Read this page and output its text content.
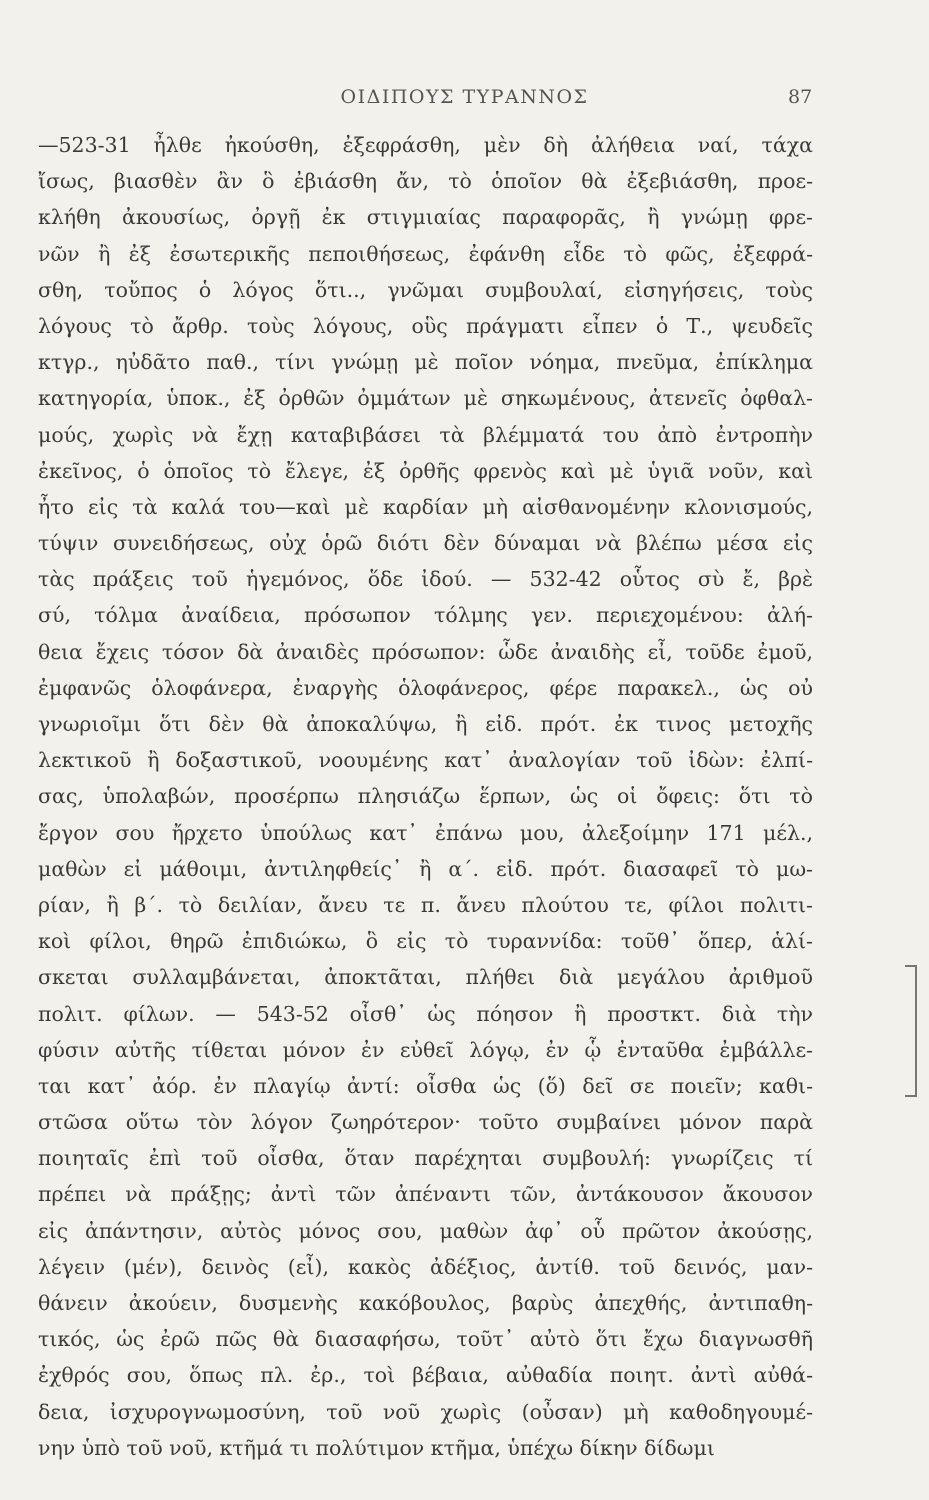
ΟΙΔΙΠΟΥΣ ΤΥΡΑΝΝΟΣ	87
—523-31 ἦλθε ἠκούσθη, ἐξεφράσθη, μὲν δὴ ἀλήθεια ναί, τάχα
ἴσως, βιασθὲν ἂν ὃ ἐβιάσθη ἄν, τὸ ὁποῖον θὰ ἐξεβιάσθη, προε-
κλήθη ἀκουσίως, ὀργῇ ἐκ στιγμιαίας παραφορᾶς, ἢ γνώμῃ φρε-
νῶν ἢ ἐξ ἐσωτερικῆς πεποιθήσεως, ἐφάνθη εἶδε τὸ φῶς, ἐξεφρά-
σθη, τοὔπος ὁ λόγος ὅτι.., γνῶμαι συμβουλαί, εἰσηγήσεις, τοὺς
λόγους τὸ ἄρθρ. τοὺς λόγους, οὓς πράγματι εἶπεν ὁ Τ., ψευδεῖς
κτγρ., ηὐδᾶτο παθ., τίνι γνώμῃ μὲ ποῖον νόημα, πνεῦμα, ἐπίκλημα
κατηγορία, ὑποκ., ἐξ ὀρθῶν ὀμμάτων μὲ σηκωμένους, ἀτενεῖς ὀφθαλ-
μούς, χωρὶς νὰ ἔχῃ καταβιβάσει τὰ βλέμματά του ἀπὸ ἐντροπὴν
ἐκεῖνος, ὁ ὁποῖος τὸ ἔλεγε, ἐξ ὀρθῆς φρενὸς καὶ μὲ ὑγιᾶ νοῦν, καὶ
ἦτο εἰς τὰ καλά του—καὶ μὲ καρδίαν μὴ αἰσθανομένην κλονισμούς,
τύψιν συνειδήσεως, οὐχ ὁρῶ διότι δὲν δύναμαι νὰ βλέπω μέσα εἰς
τὰς πράξεις τοῦ ἡγεμόνος, ὅδε ἰδού. — 532-42 οὗτος σὺ ἔ, βρὲ
σύ, τόλμα ἀναίδεια, πρόσωπον τόλμης γεν. περιεχομένου: ἀλή-
θεια ἔχεις τόσον δὰ ἀναιδὲς πρόσωπον: ὧδε ἀναιδὴς εἶ, τοῦδε ἐμοῦ,
ἐμφανῶς ὁλοφάνερα, ἐναργὴς ὁλοφάνερος, φέρε παρακελ., ὡς οὐ
γνωριοῖμι ὅτι δὲν θὰ ἀποκαλύψω, ἢ εἰδ. πρότ. ἐκ τινος μετοχῆς
λεκτικοῦ ἢ δοξαστικοῦ, νοουμένης κατ᾽ ἀναλογίαν τοῦ ἰδὼν: ἐλπί-
σας, ὑπολαβών, προσέρπω πλησιάζω ἕρπων, ὡς οἱ ὄφεις: ὅτι τὸ
ἔργον σου ἤρχετο ὑπούλως κατ᾽ ἐπάνω μου, ἀλεξοίμην 171 μέλ.,
μαθὼν εἰ μάθοιμι, ἀντιληφθείς᾽ ἢ α΄. εἰδ. πρότ. διασαφεῖ τὸ μω-
ρίαν, ἢ β΄. τὸ δειλίαν, ἄνευ τε π. ἄνευ πλούτου τε, φίλοι πολιτι-
κοὶ φίλοι, θηρῶ ἐπιδιώκω, ὃ εἰς τὸ τυραννίδα: τοῦθ᾽ ὅπερ, ἁλί-
σκεται συλλαμβάνεται, ἀποκτᾶται, πλήθει διὰ μεγάλου ἀριθμοῦ
πολιτ. φίλων. — 543-52 οἶσθ᾽ ὡς πόησον ἢ προστκτ. διὰ τὴν
φύσιν αὐτῆς τίθεται μόνον ἐν εὐθεῖ λόγῳ, ἐν ᾧ ἐνταῦθα ἐμβάλλε-
ται κατ᾽ ἀόρ. ἐν πλαγίῳ ἀντί: οἶσθα ὡς (ὅ) δεῖ σε ποιεῖν; καθι-
στῶσα οὕτω τὸν λόγον ζωηρότερον· τοῦτο συμβαίνει μόνον παρὰ
ποιηταῖς ἐπὶ τοῦ οἶσθα, ὅταν παρέχηται συμβουλή: γνωρίζεις τί
πρέπει νὰ πράξῃς; ἀντὶ τῶν ἀπέναντι τῶν, ἀντάκουσον ἄκουσον
εἰς ἀπάντησιν, αὐτὸς μόνος σου, μαθὼν ἀφ᾽ οὗ πρῶτον ἀκούσῃς,
λέγειν (μέν), δεινὸς (εἶ), κακὸς ἀδέξιος, ἀντίθ. τοῦ δεινός, μαν-
θάνειν ἀκούειν, δυσμενὴς κακόβουλος, βαρὺς ἀπεχθής, ἀντιπαθη-
τικός, ὡς ἐρῶ πῶς θὰ διασαφήσω, τοῦτ᾽ αὐτὸ ὅτι ἔχω διαγνωσθῆ
ἐχθρός σου, ὅπως πλ. ἐρ., τοὶ βέβαια, αὐθαδία ποιητ. ἀντὶ αὐθά-
δεια, ἰσχυρογνωμοσύνη, τοῦ νοῦ χωρὶς (οὖσαν) μὴ καθοδηγουμέ-
νην ὑπὸ τοῦ νοῦ, κτῆμά τι πολύτιμον κτῆμα, ὑπέχω δίκην δίδωμι
